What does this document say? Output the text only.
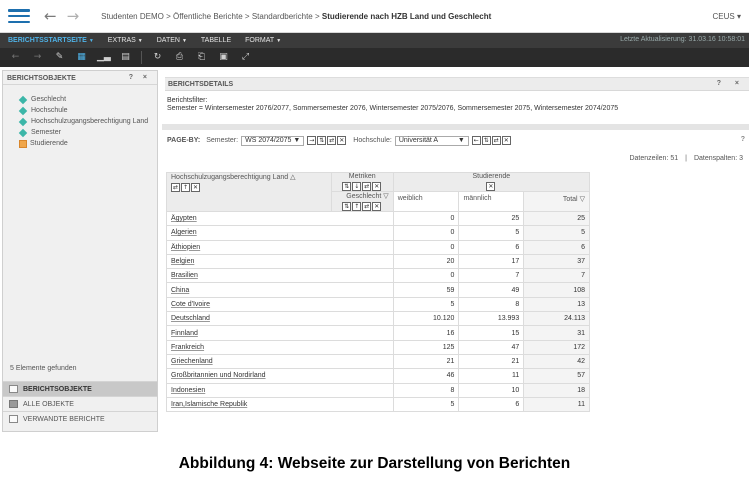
← →	Studenten DEMO > Öffentliche Berichte > Standardberichte > Studierende nach HZB Land und Geschlecht	CEUS ▾
BERICHTSSTARTSEITE ▼ EXTRAS ▼ DATEN ▼ TABELLE FORMAT ▼	Letzte Aktualisierung: 31.03.16 10:58:01
←	→	✎	▦ ▁▃ ▤	↻	⎙	⎗	▣	⤢
BERICHTSOBJEKTE	? ×
Geschlecht
Hochschule
Hochschulzugangsberechtigung Land
Semester
Studierende
5 Elemente gefunden
BERICHTSOBJEKTE
ALLE OBJEKTE
VERWANDTE BERICHTE
BERICHTSDETAILS	? ×
Berichtsfilter:
Semester = Wintersemester 2076/2077, Sommersemester 2076, Wintersemester 2075/2076, Sommersemester 2075, Wintersemester 2074/2075
PAGE-BY: Semester:	WS 2074/2075 ▼	→ ⇅ ⇄ ✕ Hochschule: Universität A	▼	← ⇅ ⇄ ✕	?
Datenzeilen: 51 | Datenspalten: 3
Hochschulzugangsberechtigung Land △
⇄ ↑ ✕	Metriken
⇅ ↓ ⇄ ✕	Studierende
✕		

	Geschlecht ▽
⇅ ↑ ⇄ ✕	weiblich	männlich	Total ▽
Ägypten		0	25	25
Algerien		0	5	5
Äthiopien		0	6	6
Belgien		20	17	37
Brasilien		0	7	7
China		59	49	108
Cote d'Ivoire		5	8	13
Deutschland		10.120	13.993	24.113
Finnland		16	15	31
Frankreich		125	47	172
Griechenland		21	21	42
Großbritannien und Nordirland		46	11	57
Indonesien		8	10	18
Iran,Islamische Republik		5	6	11
Abbildung 4: Webseite zur Darstellung von Berichten
